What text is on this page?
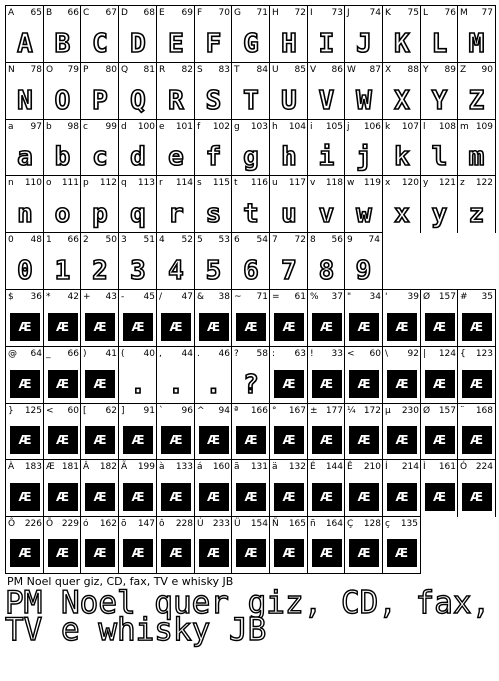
A 65
A
B 66
B
C 67
C
D 68
D
E 69
E
F 70
F
G 71
G
H 72
H
I 73
I
J 74
J
K 75
K
L 76
L
M 77
M
N 78
N
O 79
O
P 80
P
Q 81
Q
R 82
R
S 83
S
T 84
T
U 85
U
V 86
V
W 87
W
X 88
X
Y 89
Y
Z 90
Z
a 97
a
b 98
b
c 99
c
d 100
d
e 101
e
f 102
f
g 103
g
h 104
h
i 105
i
j 106
j
k 107
k
l 108
l
m 109
m
n 110
n
o 111
o
p 112
p
q 113
q
r 114
r
s 115
s
t 116
t
u 117
u
v 118
v
w 119
w
x 120
x
y 121
y
z 122
z
0 48
0
1 66
1
2 50
2
3 51
3
4 52
4
5 53
5
6 54
6
7 72
7
8 56
8
9 74
9
$ 36
Æ
* 42
Æ
+ 43
Æ
- 45
Æ
/ 47
Æ
& 38
Æ
~ 71
Æ
= 61
Æ
% 37
Æ
" 34
Æ
' 39
Æ
Ø 157
Æ
# 35
Æ
@ 64
Æ
_ 66
Æ
) 41
Æ
( 40
.
, 44
.
. 46
.
? 58
?
: 63
Æ
! 33
Æ
< 60
Æ
\ 92
Æ
| 124
Æ
{ 123
Æ
} 125
Æ
< 60
Æ
[ 62
Æ
] 91
Æ
` 96
Æ
^ 94
Æ
ª 166
Æ
° 167
Æ
± 177
Æ
¼ 172
Æ
µ 230
Æ
Ø 157
Æ
¨ 168
Æ
À 183
Æ
Æ 181
Æ
Â 182
Æ
Ã 199
Æ
à 133
Æ
á 160
Æ
ã 131
Æ
ä 132
Æ
É 144
Æ
Ê 210
Æ
Í 214
Æ
Ì 161
Æ
Ó 224
Æ
Ô 226
Æ
Õ 229
Æ
ó 162
Æ
õ 147
Æ
ô 228
Æ
Ú 233
Æ
Ü 154
Æ
Ñ 165
Æ
ñ 164
Æ
Ç 128
Æ
ç 135
Æ
PM Noel quer giz, CD, fax, TV e whisky JB
PM Noel quer giz, CD, fax,
TV e whisky JB
